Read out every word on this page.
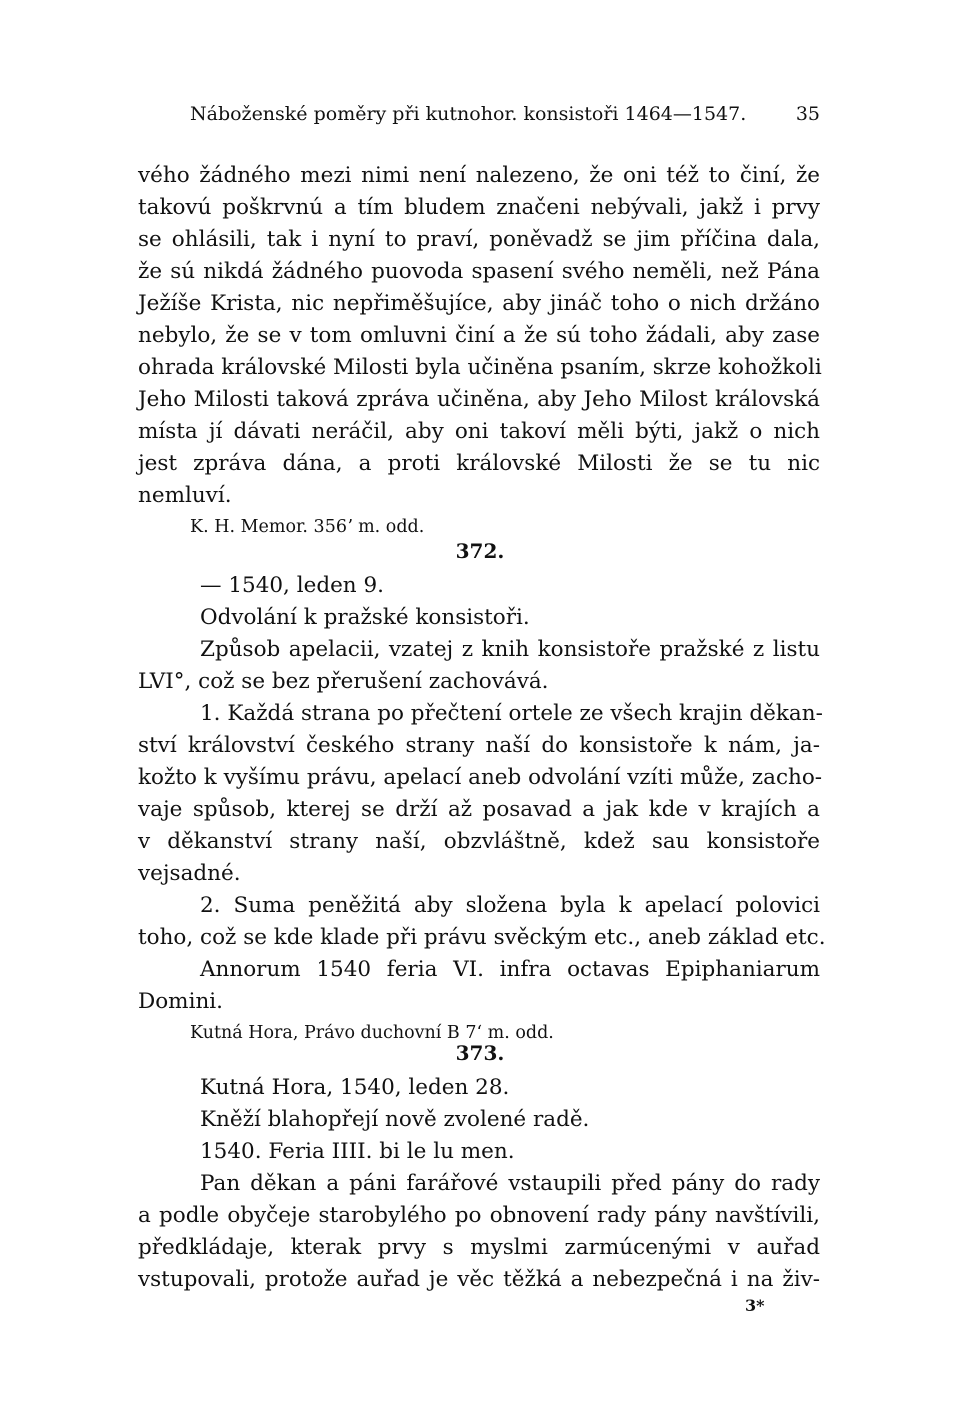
Náboženské poměry při kutnohor. konsistoři 1464—1547.	35
vého žádného mezi nimi není nalezeno, že oni též to činí, že
takovú poškrvnú a tím bludem značeni nebývali, jakž i prvy
se ohlásili, tak i nyní to praví, poněvadž se jim příčina dala,
že sú nikdá žádného puovoda spasení svého neměli, než Pána
Ježíše Krista, nic nepřiměšujíce, aby jináč toho o nich držáno
nebylo, že se v tom omluvni činí a že sú toho žádali, aby zase
ohrada královské Milosti byla učiněna psaním, skrze kohožkoli
Jeho Milosti taková zpráva učiněna, aby Jeho Milost královská
místa jí dávati neráčil, aby oni takoví měli býti, jakž o nich
jest zpráva dána, a proti královské Milosti že se tu nic
nemluví.
K. H. Memor. 356ʼ m. odd.
372.
— 1540, leden 9.
Odvolání k pražské konsistoři.
Způsob apelacii, vzatej z knih konsistoře pražské z listu
LVI°, což se bez přerušení zachovává.
1. Každá strana po přečtení ortele ze všech krajin děkan-
ství království českého strany naší do konsistoře k nám, ja-
kožto k vyšímu právu, apelací aneb odvolání vzíti může, zacho-
vaje spůsob, kterej se drží až posavad a jak kde v krajích a
v děkanství strany naší, obzvláštně, kdež sau konsistoře
vejsadné.
2. Suma peněžitá aby složena byla k apelací polovici
toho, což se kde klade při právu svěckým etc., aneb základ etc.
Annorum 1540 feria VI. infra octavas Epiphaniarum
Domini.
Kutná Hora, Právo duchovní B 7ʻ m. odd.
373.
Kutná Hora, 1540, leden 28.
Kněží blahopřejí nově zvolené radě.
1540. Feria IIII. bi le lu men.
Pan děkan a páni farářové vstaupili před pány do rady
a podle obyčeje starobylého po obnovení rady pány navštívili,
předkládaje, kterak prvy s myslmi zarmúcenými v auřad
vstupovali, protože auřad je věc těžká a nebezpečná i na živ-
3*
